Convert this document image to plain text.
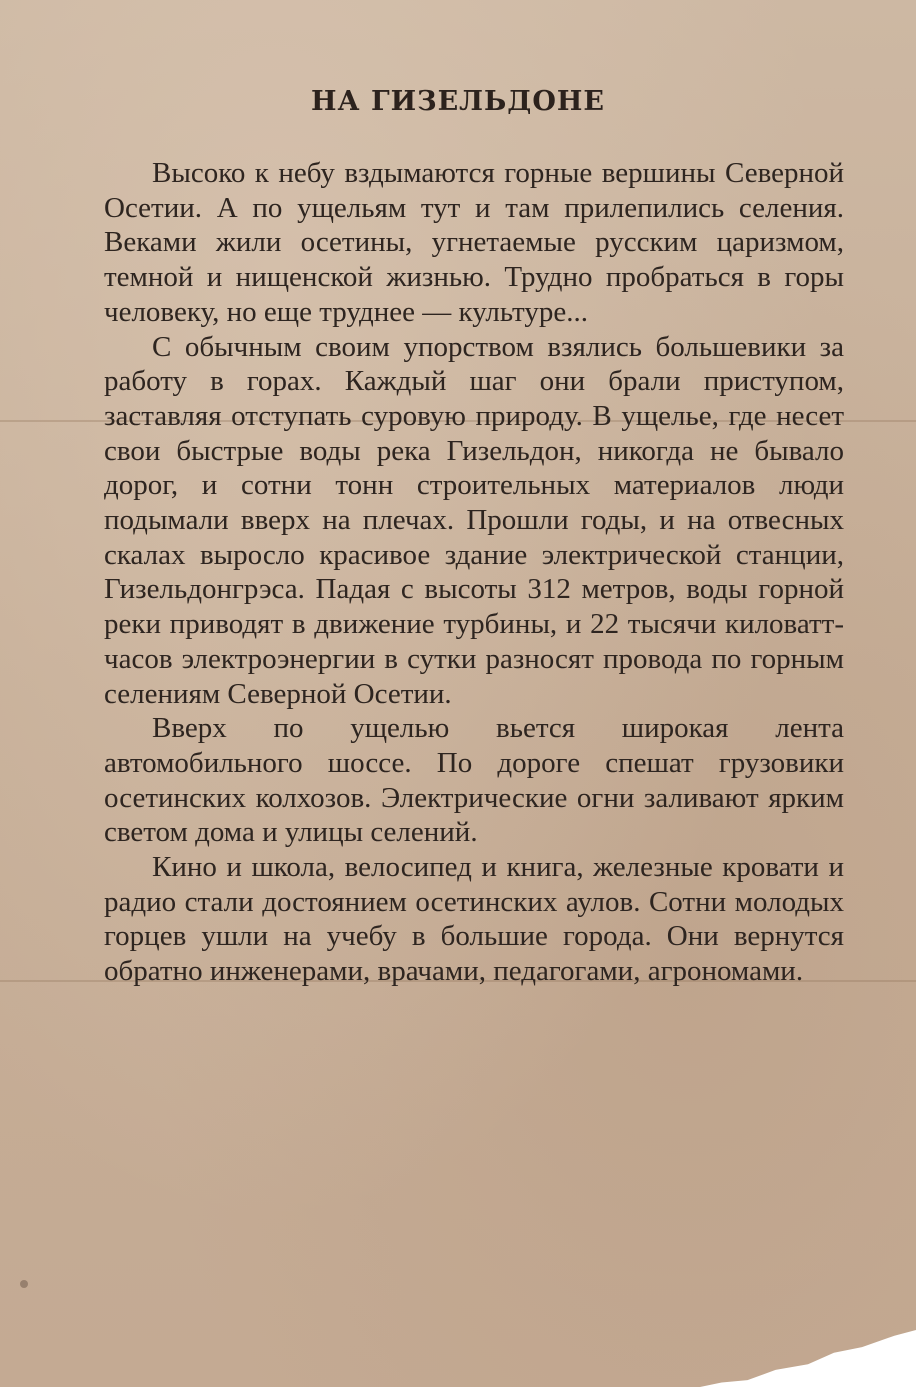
НА ГИЗЕЛЬДОНЕ

Высоко к небу вздымаются горные вершины Северной Осетии. А по ущельям тут и там прилепились селения. Веками жили осетины, угнетаемые русским царизмом, темной и нищенской жизнью. Трудно пробраться в горы человеку, но еще труднее — культуре...

С обычным своим упорством взялись большевики за работу в горах. Каждый шаг они брали приступом, заставляя отступать суровую природу. В ущелье, где несет свои быстрые воды река Гизельдон, никогда не бывало дорог, и сотни тонн строительных материалов люди подымали вверх на плечах. Прошли годы, и на отвесных скалах выросло красивое здание электрической станции, Гизельдонгрэса. Падая с высоты 312 метров, воды горной реки приводят в движение турбины, и 22 тысячи киловатт-часов электроэнергии в сутки разносят провода по горным селениям Северной Осетии.

Вверх по ущелью вьется широкая лента автомобильного шоссе. По дороге спешат грузовики осетинских колхозов. Электрические огни заливают ярким светом дома и улицы селений.

Кино и школа, велосипед и книга, железные кровати и радио стали достоянием осетинских аулов. Сотни молодых горцев ушли на учебу в большие города. Они вернутся обратно инженерами, врачами, педагогами, агрономами.
